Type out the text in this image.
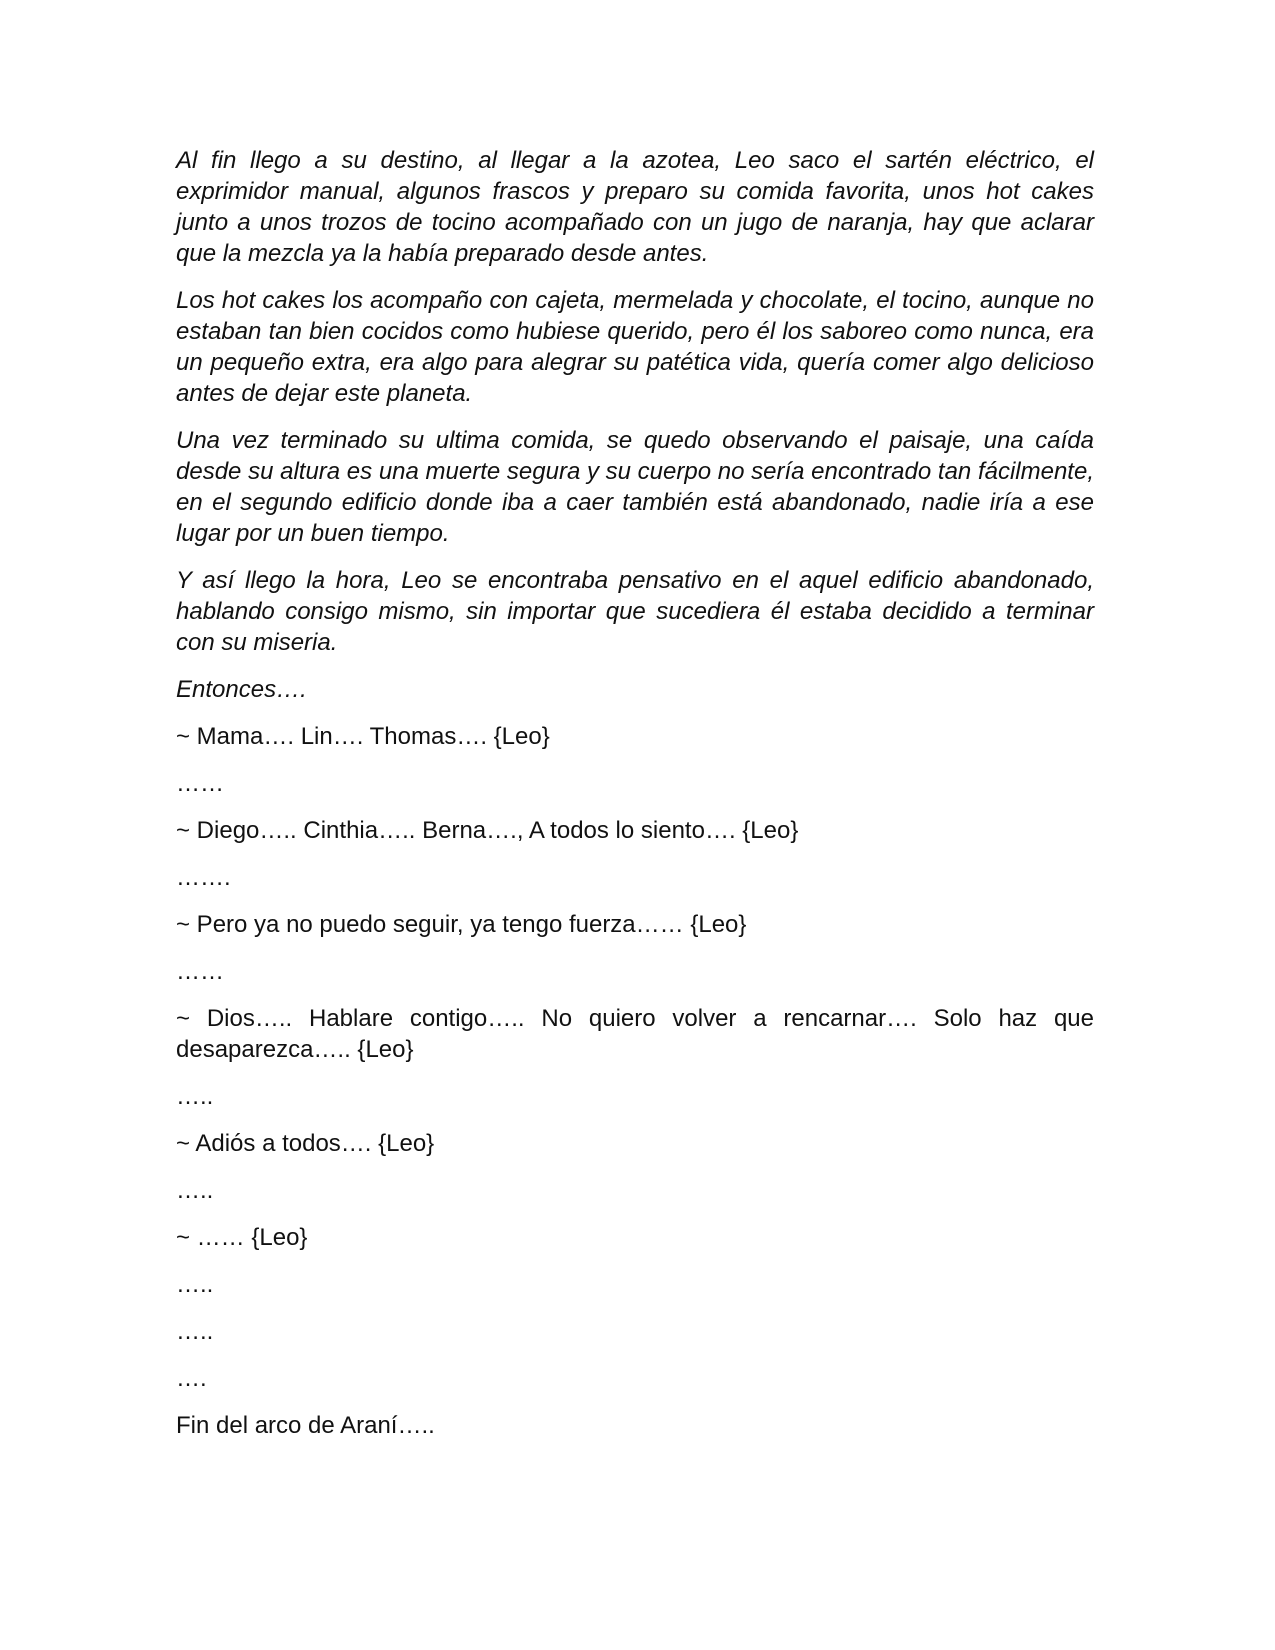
Al fin llego a su destino, al llegar a la azotea, Leo saco el sartén eléctrico, el exprimidor manual, algunos frascos y preparo su comida favorita, unos hot cakes junto a unos trozos de tocino acompañado con un jugo de naranja, hay que aclarar que la mezcla ya la había preparado desde antes.

Los hot cakes los acompaño con cajeta, mermelada y chocolate, el tocino, aunque no estaban tan bien cocidos como hubiese querido, pero él los saboreo como nunca, era un pequeño extra, era algo para alegrar su patética vida, quería comer algo delicioso antes de dejar este planeta.

Una vez terminado su ultima comida, se quedo observando el paisaje, una caída desde su altura es una muerte segura y su cuerpo no sería encontrado tan fácilmente, en el segundo edificio donde iba a caer también está abandonado, nadie iría a ese lugar por un buen tiempo.

Y así llego la hora, Leo se encontraba pensativo en el aquel edificio abandonado, hablando consigo mismo, sin importar que sucediera él estaba decidido a terminar con su miseria.

Entonces….

~ Mama…. Lin…. Thomas…. {Leo}

……

~ Diego….. Cinthia….. Berna…., A todos lo siento…. {Leo}

…….

~ Pero ya no puedo seguir, ya tengo fuerza…… {Leo}

……

~ Dios….. Hablare contigo….. No quiero volver a rencarnar…. Solo haz que desaparezca….. {Leo}

…..

~ Adiós a todos…. {Leo}

…..

~ …… {Leo}

…..

…..

….

Fin del arco de Araní…..
